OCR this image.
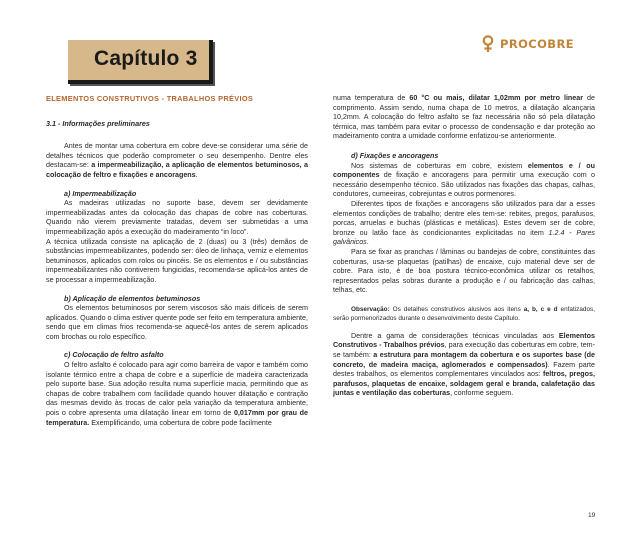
Capítulo 3
PROCOBRE
ELEMENTOS CONSTRUTIVOS - TRABALHOS PRÉVIOS
3.1 - Informações preliminares

Antes de montar uma cobertura em cobre deve-se considerar uma série de detalhes técnicos que poderão comprometer o seu desempenho. Dentre eles destacam-se: a impermeabilização, a aplicação de elementos betuminosos, a colocação de feltro e fixações e ancoragens.

a) Impermeabilização

As madeiras utilizadas no suporte base, devem ser devidamente impermeabilizadas antes da colocação das chapas de cobre nas coberturas. Quando não vierem previamente tratadas, devem ser submetidas a uma impermeabilização após a execução do madeiramento “in loco”.

A técnica utilizada consiste na aplicação de 2 (duas) ou 3 (três) demãos de substâncias impermeabilizantes, podendo ser: óleo de linhaça, verniz e elementos betuminosos, aplicados com rolos ou pincéis. Se os elementos e / ou substâncias impermeabilizantes não contiverem fungicidas, recomenda-se aplicá-los antes de se processar a impermeabilização.

b) Aplicação de elementos betuminosos

Os elementos betuminosos por serem viscosos são mais difíceis de serem aplicados. Quando o clima estiver quente pode ser feito em temperatura ambiente, sendo que em climas frios recomenda-se aquecê-los antes de serem aplicados com brochas ou rolo específico.

c) Colocação de feltro asfalto

O feltro asfalto é colocado para agir como barreira de vapor e também como isolante térmico entre a chapa de cobre e a superfície de madeira caracterizada pelo suporte base. Sua adoção resulta numa superfície macia, permitindo que as chapas de cobre trabalhem com facilidade quando houver dilatação e contração das mesmas devido às trocas de calor pela variação da temperatura ambiente, pois o cobre apresenta uma dilatação linear em torno de 0,017mm por grau de temperatura. Exemplificando, uma cobertura de cobre pode facilmente

numa temperatura de 60 °C ou mais, dilatar 1,02mm por metro linear de comprimento. Assim sendo, numa chapa de 10 metros, a dilatação alcançaria 10,2mm. A colocação do feltro asfalto se faz necessária não só pela dilatação térmica, mas também para evitar o processo de condensação e dar proteção ao madeiramento contra a umidade conforme enfatizou-se anteriormente.

d) Fixações e ancoragens

Nos sistemas de coberturas em cobre, existem elementos e / ou componentes de fixação e ancoragens para permitir uma execução com o necessário desempenho técnico. São utilizados nas fixações das chapas, calhas, condutores, cumeeiras, cobrejuntas e outros pormenores.

Diferentes tipos de fixações e ancoragens são utilizados para dar a esses elementos condições de trabalho; dentre eles tem-se: rebites, pregos, parafusos, porcas, arruelas e buchas (plásticas e metálicas). Estes devem ser de cobre, bronze ou latão face às condicionantes explicitadas no item 1.2.4 - Pares galvânicos.

Para se fixar as pranchas / lâminas ou bandejas de cobre, constituintes das coberturas, usa-se plaquetas (patilhas) de encaixe, cujo material deve ser de cobre. Para isto, é de boa postura técnico-econômica utilizar os retalhos, representados pelas sobras durante a produção e / ou fabricação das calhas, telhas, etc.

Observação: Os detalhes construtivos alusivos aos itens a, b, c e d enfatizados, serão pormenorizados durante o desenvolvimento deste Capítulo.

Dentre a gama de considerações técnicas vinculadas aos Elementos Construtivos - Trabalhos prévios, para execução das coberturas em cobre, tem-se também: a estrutura para montagem da cobertura e os suportes base (de concreto, de madeira maciça, aglomerados e compensados). Fazem parte destes trabalhos, os elementos complementares vinculados aos: feltros, pregos, parafusos, plaquetas de encaixe, soldagem geral e branda, calafetação das juntas e ventilação das coberturas, conforme seguem.

19
